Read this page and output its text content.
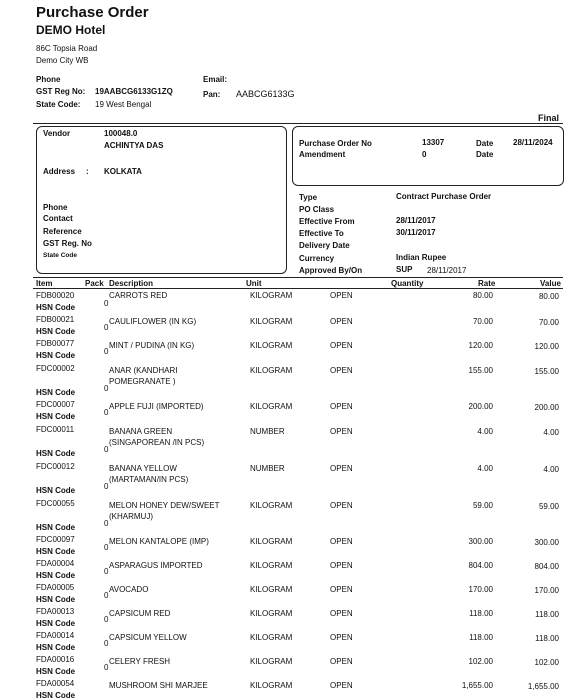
Purchase Order
DEMO Hotel
86C Topsia Road
Demo City WB
Phone
GST Reg No: 19AABCG6133G1ZQ
State Code: 19 West Bengal
Email:
Pan: AABCG6133G
Final
Vendor	100048.0
ACHINTYA DAS
Address : KOLKATA
Phone
Contact
Reference
GST Reg. No
State Code
Purchase Order No	13307	Date 28/11/2024
Amendment	0	Date
Type	Contract Purchase Order
PO Class
Effective From	28/11/2017
Effective To	30/11/2017
Delivery Date
Currency	Indian Rupee
Approved By/On	SUP 28/11/2017
Item	Pack Description	Unit	Quantity	Rate	Value
FDB00020	CARROTS RED	KILOGRAM	OPEN	80.00	80.00
HSN Code	0
FDB00021	CAULIFLOWER (IN KG)	KILOGRAM	OPEN	70.00	70.00
HSN Code	0
FDB00077	MINT / PUDINA (IN KG)	KILOGRAM	OPEN	120.00	120.00
HSN Code	0
FDC00002	ANAR (KANDHARI
POMEGRANATE )
KILOGRAM	OPEN	155.00	155.00
HSN Code	0
FDC00007	APPLE FUJI (IMPORTED)	KILOGRAM	OPEN	200.00	200.00
HSN Code	0
FDC00011	BANANA GREEN
(SINGAPOREAN /IN PCS)
NUMBER	OPEN	4.00	4.00
HSN Code	0
FDC00012	BANANA YELLOW
(MARTAMAN/IN PCS)
NUMBER	OPEN	4.00	4.00
HSN Code	0
FDC00055	MELON HONEY DEW/SWEET
(KHARMUJ)
KILOGRAM	OPEN	59.00	59.00
HSN Code	0
FDC00097	MELON KANTALOPE (IMP)	KILOGRAM	OPEN	300.00	300.00
HSN Code	0
FDA00004	ASPARAGUS IMPORTED	KILOGRAM	OPEN	804.00	804.00
HSN Code	0
FDA00005	AVOCADO	KILOGRAM	OPEN	170.00	170.00
HSN Code	0
FDA00013	CAPSICUM RED	KILOGRAM	OPEN	118.00	118.00
HSN Code	0
FDA00014	CAPSICUM YELLOW	KILOGRAM	OPEN	118.00	118.00
HSN Code	0
FDA00016	CELERY FRESH	KILOGRAM	OPEN	102.00	102.00
HSN Code	0
FDA00054	MUSHROOM SHI MARJEE	KILOGRAM	OPEN	1,655.00	1,655.00
HSN Code
